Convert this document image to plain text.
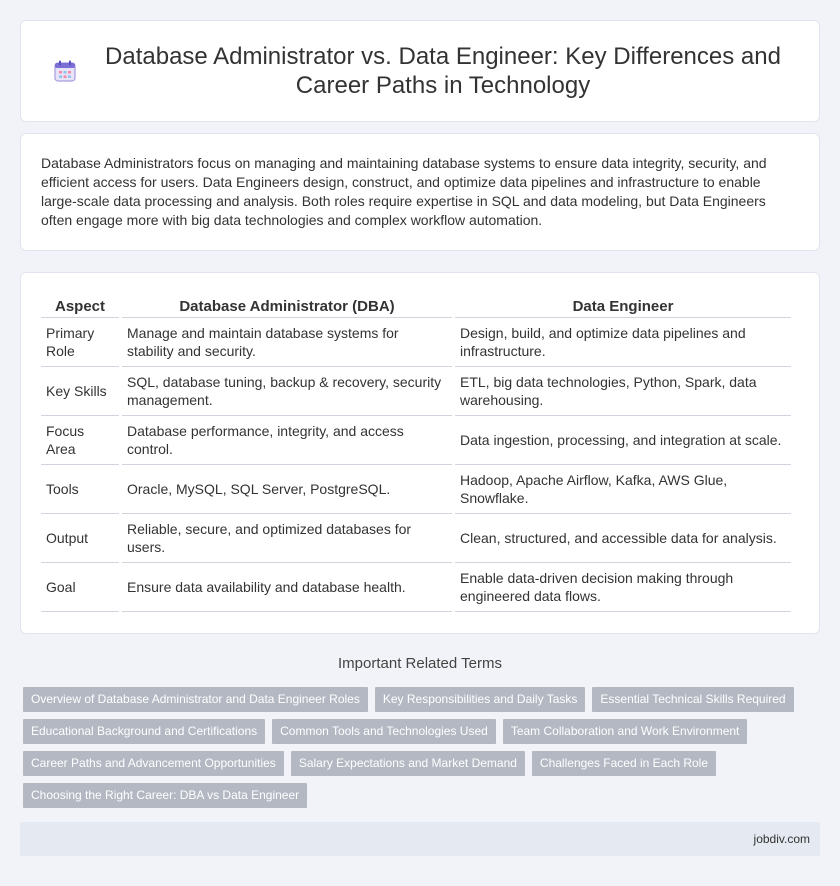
Database Administrator vs. Data Engineer: Key Differences and Career Paths in Technology

Database Administrators focus on managing and maintaining database systems to ensure data integrity, security, and efficient access for users. Data Engineers design, construct, and optimize data pipelines and infrastructure to enable large-scale data processing and analysis. Both roles require expertise in SQL and data modeling, but Data Engineers often engage more with big data technologies and complex workflow automation.

Aspect	Database Administrator (DBA)	Data Engineer
Primary Role	Manage and maintain database systems for stability and security.	Design, build, and optimize data pipelines and infrastructure.
Key Skills	SQL, database tuning, backup & recovery, security management.	ETL, big data technologies, Python, Spark, data warehousing.
Focus Area	Database performance, integrity, and access control.	Data ingestion, processing, and integration at scale.
Tools	Oracle, MySQL, SQL Server, PostgreSQL.	Hadoop, Apache Airflow, Kafka, AWS Glue, Snowflake.
Output	Reliable, secure, and optimized databases for users.	Clean, structured, and accessible data for analysis.
Goal	Ensure data availability and database health.	Enable data-driven decision making through engineered data flows.
Important Related Terms
Overview of Database Administrator and Data Engineer Roles	Key Responsibilities and Daily Tasks	Essential Technical Skills Required
Educational Background and Certifications	Common Tools and Technologies Used	Team Collaboration and Work Environment
Career Paths and Advancement Opportunities	Salary Expectations and Market Demand	Challenges Faced in Each Role
Choosing the Right Career: DBA vs Data Engineer
jobdiv.com
